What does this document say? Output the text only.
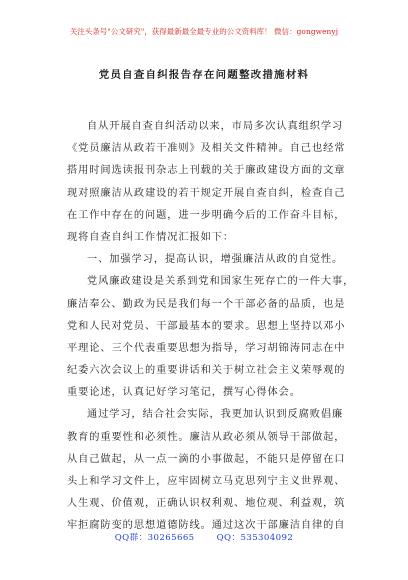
关注头条号"公文研究"，获得最新最全最专业的公文资料库！ 微信：gongwenyj
党员自查自纠报告存在问题整改措施材料
自从开展自查自纠活动以来，市局多次认真组织学习
《党员廉洁从政若干准则》及相关文件精神。自己也经常
搭用时间选读报刊杂志上刊载的关于廉政建设方面的文章
现对照廉洁从政建设的若干规定开展自查自纠，检查自己
在工作中存在的问题，进一步明确今后的工作奋斗目标，
现将自查自纠工作情况汇报如下：
一、加强学习，提高认识，增强廉洁从政的自觉性。
党风廉政建设是关系到党和国家生死存亡的一件大事，
廉洁奉公、勤政为民是我们每一个干部必备的品质，也是
党和人民对党员、干部最基本的要求。思想上坚持以邓小
平理论、三个代表重要思想为指导，学习胡锦涛同志在中
纪委六次会议上的重要讲话和关于树立社会主义荣辱观的
重要论述，认真记好学习笔记，撰写心得体会。
通过学习，结合社会实际，我更加认识到反腐败倡廉
教育的重要性和必须性。廉洁从政必须从领导干部做起，
从自己做起，从一点一滴的小事做起，不能只是停留在口
头上和学习文件上，应牢固树立马克思列宁主义世界观、
人生观、价值观，正确认识权利观、地位观、利益观，筑
牢拒腐防变的思想道德防线。通过这次干部廉洁自律的自
QQ群：30265665	QQ：535304092
